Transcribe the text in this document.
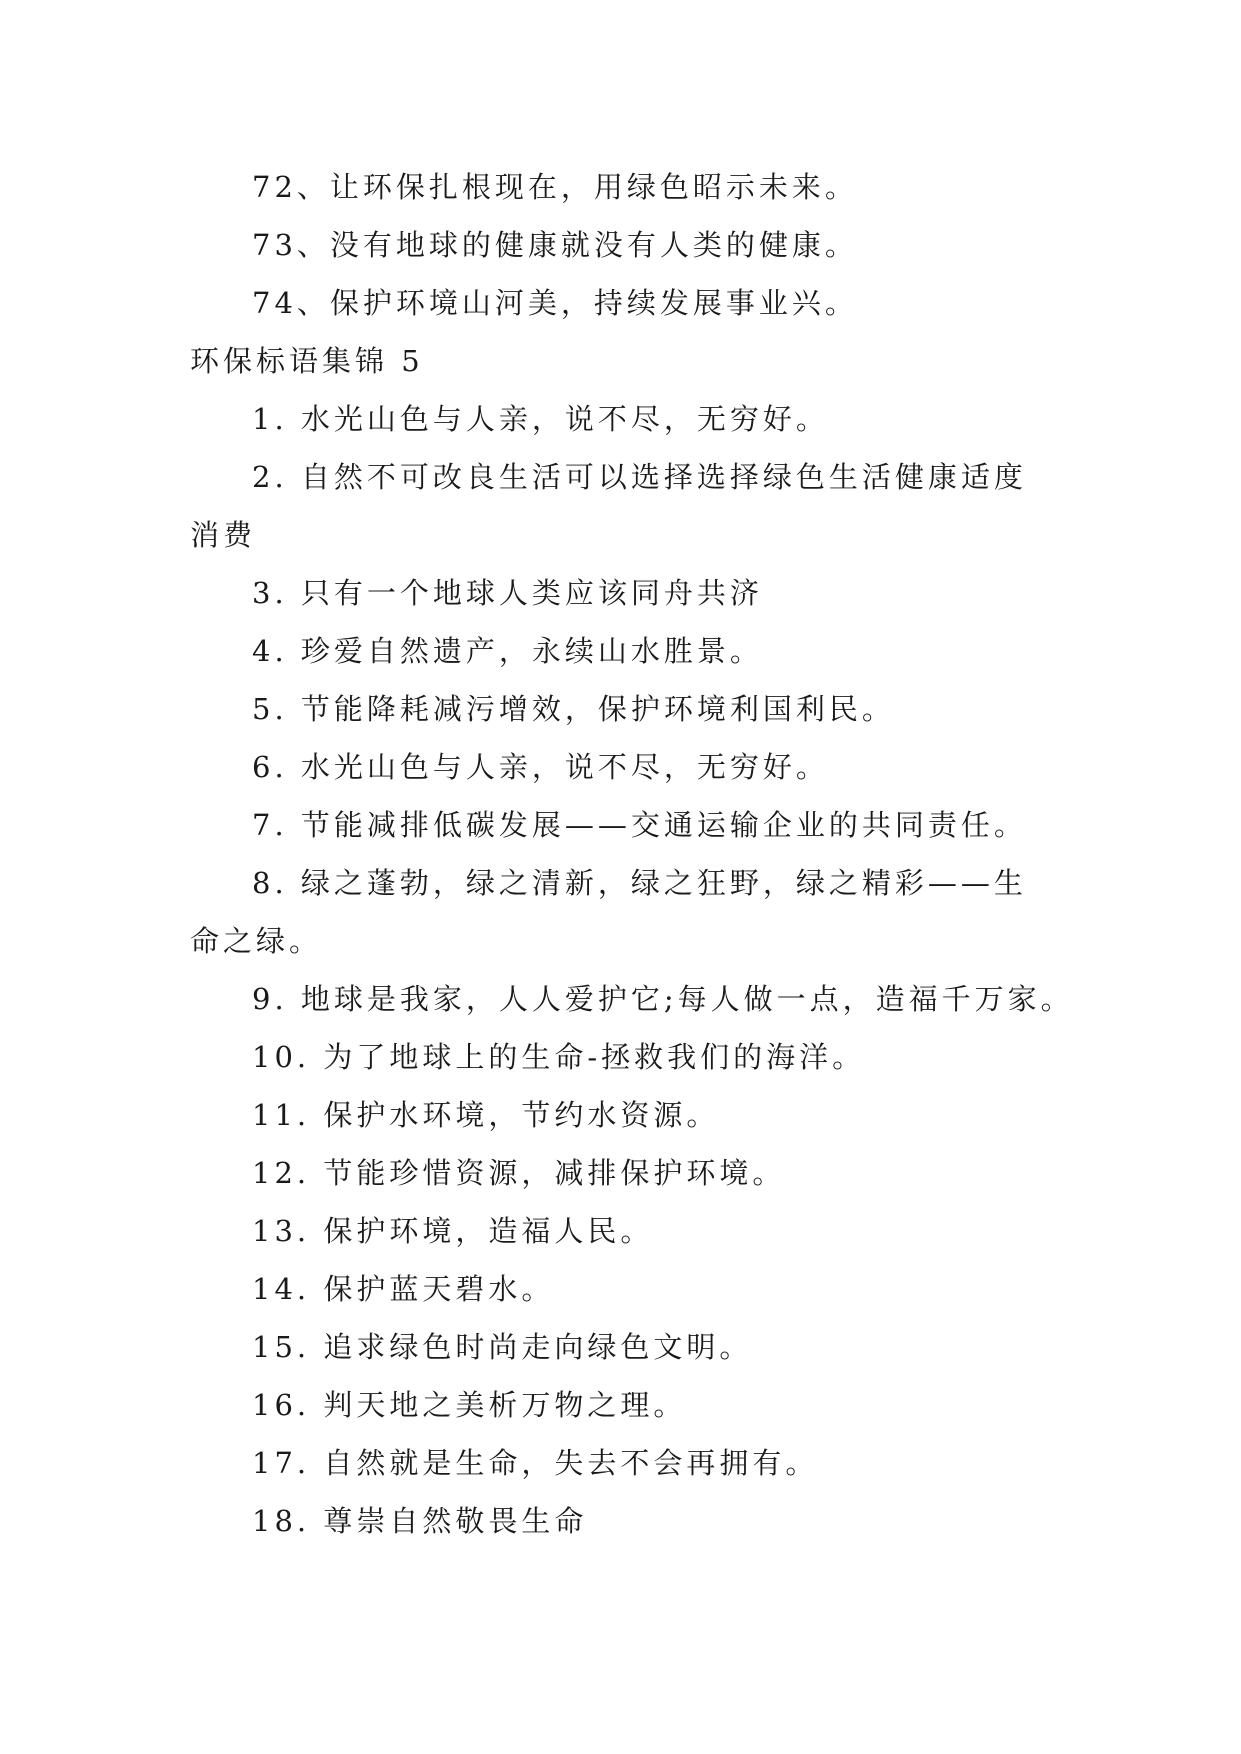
72、让环保扎根现在，用绿色昭示未来。
73、没有地球的健康就没有人类的健康。
74、保护环境山河美，持续发展事业兴。
环保标语集锦 5
1. 水光山色与人亲，说不尽，无穷好。
2. 自然不可改良生活可以选择选择绿色生活健康适度消费
3. 只有一个地球人类应该同舟共济
4. 珍爱自然遗产，永续山水胜景。
5. 节能降耗减污增效，保护环境利国利民。
6. 水光山色与人亲，说不尽，无穷好。
7. 节能减排低碳发展——交通运输企业的共同责任。
8. 绿之蓬勃，绿之清新，绿之狂野，绿之精彩——生命之绿。
9. 地球是我家，人人爱护它;每人做一点，造福千万家。
10. 为了地球上的生命-拯救我们的海洋。
11. 保护水环境，节约水资源。
12. 节能珍惜资源，减排保护环境。
13. 保护环境，造福人民。
14. 保护蓝天碧水。
15. 追求绿色时尚走向绿色文明。
16. 判天地之美析万物之理。
17. 自然就是生命，失去不会再拥有。
18. 尊崇自然敬畏生命
